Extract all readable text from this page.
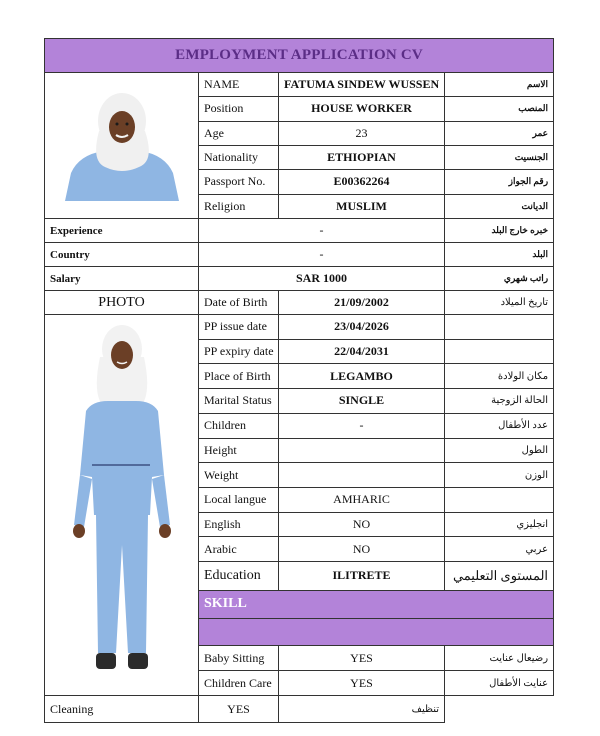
EMPLOYMENT APPLICATION CV			

	NAME	FATUMA SINDEW WUSSEN	الاسم
	Position	HOUSE WORKER	المنصب
	Age	23	عمر
	Nationality	ETHIOPIAN	الجنسيت
	Passport No.	E00362264	رقم الجواز
	Religion	MUSLIM	الديانت
Experience	-		خبره خارج البلد
Country	-		البلد
Salary	SAR 1000		راتب شهري
PHOTO	Date of Birth	21/09/2002	تاريخ الميلاد

	PP issue date	23/04/2026	
	PP expiry date	22/04/2031	
	Place of Birth	LEGAMBO	مكان الولادة
	Marital Status	SINGLE	الحالة الزوجية
	Children	-	عدد الأطفال
	Height		الطول
	Weight		الوزن
	Local langue	AMHARIC	
	English	NO	انجليزي
	Arabic	NO	عربي
	Education	ILITRETE	المستوى التعليمي
	SKILL		

	Baby Sitting	YES	رضيعال عنايت
	Children Care	YES	عنايت الأطفال
Cleaning	YES	تنظيف	
